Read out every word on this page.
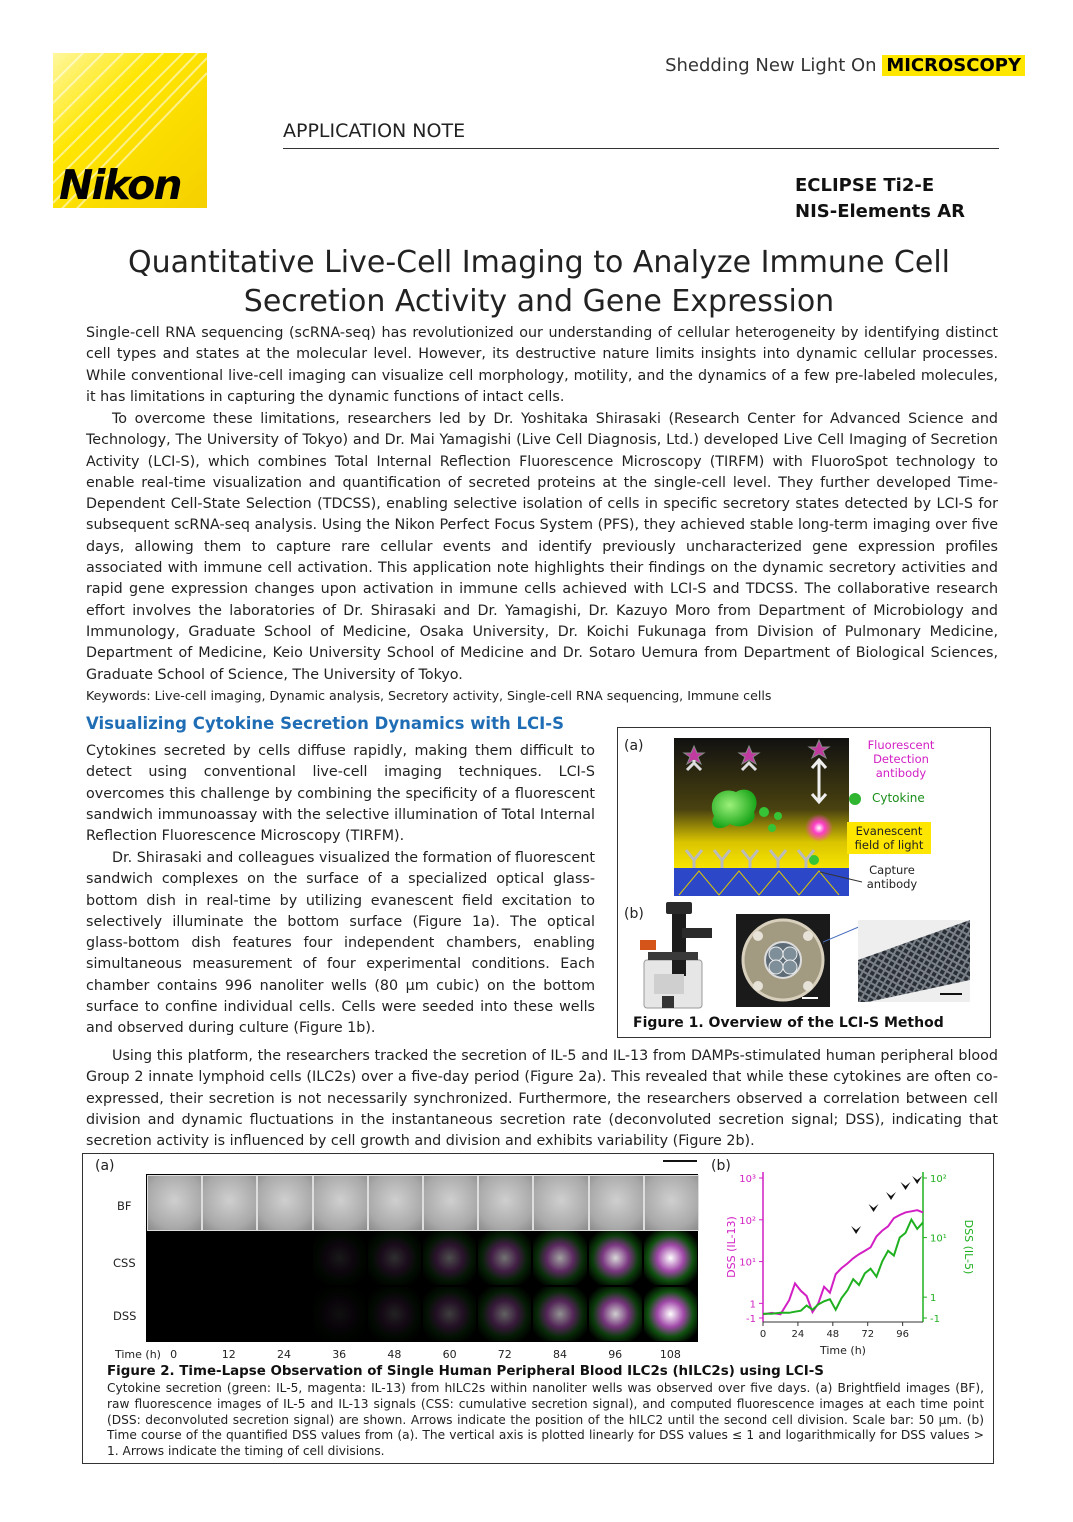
Nikon
Shedding New Light On MICROSCOPY
APPLICATION NOTE
ECLIPSE Ti2-E
NIS-Elements AR
Quantitative Live-Cell Imaging to Analyze Immune Cell
Secretion Activity and Gene Expression
Single-cell RNA sequencing (scRNA-seq) has revolutionized our understanding of cellular heterogeneity by identifying distinct cell types and states at the molecular level. However, its destructive nature limits insights into dynamic cellular processes. While conventional live-cell imaging can visualize cell morphology, motility, and the dynamics of a few pre-labeled molecules, it has limitations in capturing the dynamic functions of intact cells.
To overcome these limitations, researchers led by Dr. Yoshitaka Shirasaki (Research Center for Advanced Science and Technology, The University of Tokyo) and Dr. Mai Yamagishi (Live Cell Diagnosis, Ltd.) developed Live Cell Imaging of Secretion Activity (LCI-S), which combines Total Internal Reflection Fluorescence Microscopy (TIRFM) with FluoroSpot technology to enable real-time visualization and quantification of secreted proteins at the single-cell level. They further developed Time-Dependent Cell-State Selection (TDCSS), enabling selective isolation of cells in specific secretory states detected by LCI-S for subsequent scRNA-seq analysis. Using the Nikon Perfect Focus System (PFS), they achieved stable long-term imaging over five days, allowing them to capture rare cellular events and identify previously uncharacterized gene expression profiles associated with immune cell activation. This application note highlights their findings on the dynamic secretory activities and rapid gene expression changes upon activation in immune cells achieved with LCI-S and TDCSS. The collaborative research effort involves the laboratories of Dr. Shirasaki and Dr. Yamagishi, Dr. Kazuyo Moro from Department of Microbiology and Immunology, Graduate School of Medicine, Osaka University, Dr. Koichi Fukunaga from Division of Pulmonary Medicine, Department of Medicine, Keio University School of Medicine and Dr. Sotaro Uemura from Department of Biological Sciences, Graduate School of Science, The University of Tokyo.
Keywords: Live-cell imaging, Dynamic analysis, Secretory activity, Single-cell RNA sequencing, Immune cells
Visualizing Cytokine Secretion Dynamics with LCI-S
Cytokines secreted by cells diffuse rapidly, making them difficult to detect using conventional live-cell imaging techniques. LCI-S overcomes this challenge by combining the specificity of a fluorescent sandwich immunoassay with the selective illumination of Total Internal Reflection Fluorescence Microscopy (TIRFM).
Dr. Shirasaki and colleagues visualized the formation of fluorescent sandwich complexes on the surface of a specialized optical glass-bottom dish in real-time by utilizing evanescent field excitation to selectively illuminate the bottom surface (Figure 1a). The optical glass-bottom dish features four independent chambers, enabling simultaneous measurement of four experimental conditions. Each chamber contains 996 nanoliter wells (80 µm cubic) on the bottom surface to confine individual cells. Cells were seeded into these wells and observed during culture (Figure 1b).
Using this platform, the researchers tracked the secretion of IL-5 and IL-13 from DAMPs-stimulated human peripheral blood Group 2 innate lymphoid cells (ILC2s) over a five-day period (Figure 2a). This revealed that while these cytokines are often co-expressed, their secretion is not necessarily synchronized. Furthermore, the researchers observed a correlation between cell division and dynamic fluctuations in the instantaneous secretion rate (deconvoluted secretion signal; DSS), indicating that secretion activity is influenced by cell growth and division and exhibits variability (Figure 2b).
(a)	Fluorescent
Detection
antibody
Cytokine
Evanescent
field of light
Capture
antibody
(b)
Figure 1. Overview of the LCI-S Method
(a)
BF
CSS
DSS
Time (h) 0	12	24	36	48	60	72	84	96	108
(b)
-1
1
10¹
10²
10³
-1
1
10¹
10²
0	24 48 72 96
Time (h)
DSS (IL-13)	DSS (IL-5)
Figure 2. Time-Lapse Observation of Single Human Peripheral Blood ILC2s (hILC2s) using LCI-S
Cytokine secretion (green: IL-5, magenta: IL-13) from hILC2s within nanoliter wells was observed over five days. (a) Brightfield images (BF), raw fluorescence images of IL-5 and IL-13 signals (CSS: cumulative secretion signal), and computed fluorescence images at each time point (DSS: deconvoluted secretion signal) are shown. Arrows indicate the position of the hILC2 until the second cell division. Scale bar: 50 µm. (b) Time course of the quantified DSS values from (a). The vertical axis is plotted linearly for DSS values ≤ 1 and logarithmically for DSS values > 1. Arrows indicate the timing of cell divisions.
